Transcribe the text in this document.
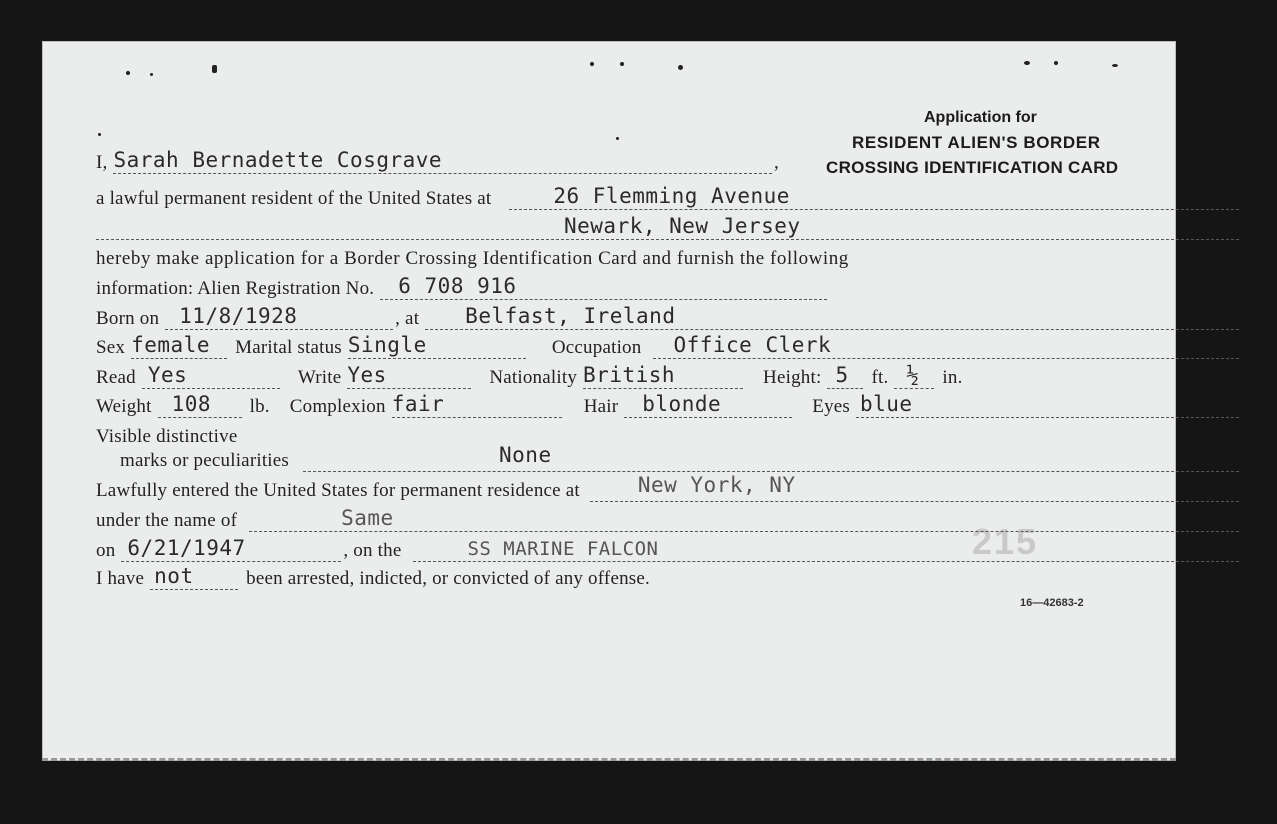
Application for
RESIDENT ALIEN'S BORDER
CROSSING IDENTIFICATION CARD
215
16—42683-2
I, Sarah Bernadette Cosgrave	,
a lawful permanent resident of the United States at	26 Flemming Avenue
Newark, New Jersey
hereby make application for a Border Crossing Identification Card and furnish the following
information: Alien Registration No. 6 708 916
Born on 11/8/1928	, at Belfast, Ireland
Sex female Marital status Single	Occupation Office Clerk
Read Yes	Write Yes	Nationality British	Height: 5 ft. ½ in.
Weight 108 lb. Complexion fair	Hair blonde	Eyes blue
Visible distinctive
marks or peculiarities	None
Lawfully entered the United States for permanent residence at	New York, NY
under the name of	Same
on 6/21/1947	, on the	SS MARINE FALCON
I have not	been arrested, indicted, or convicted of any offense.
